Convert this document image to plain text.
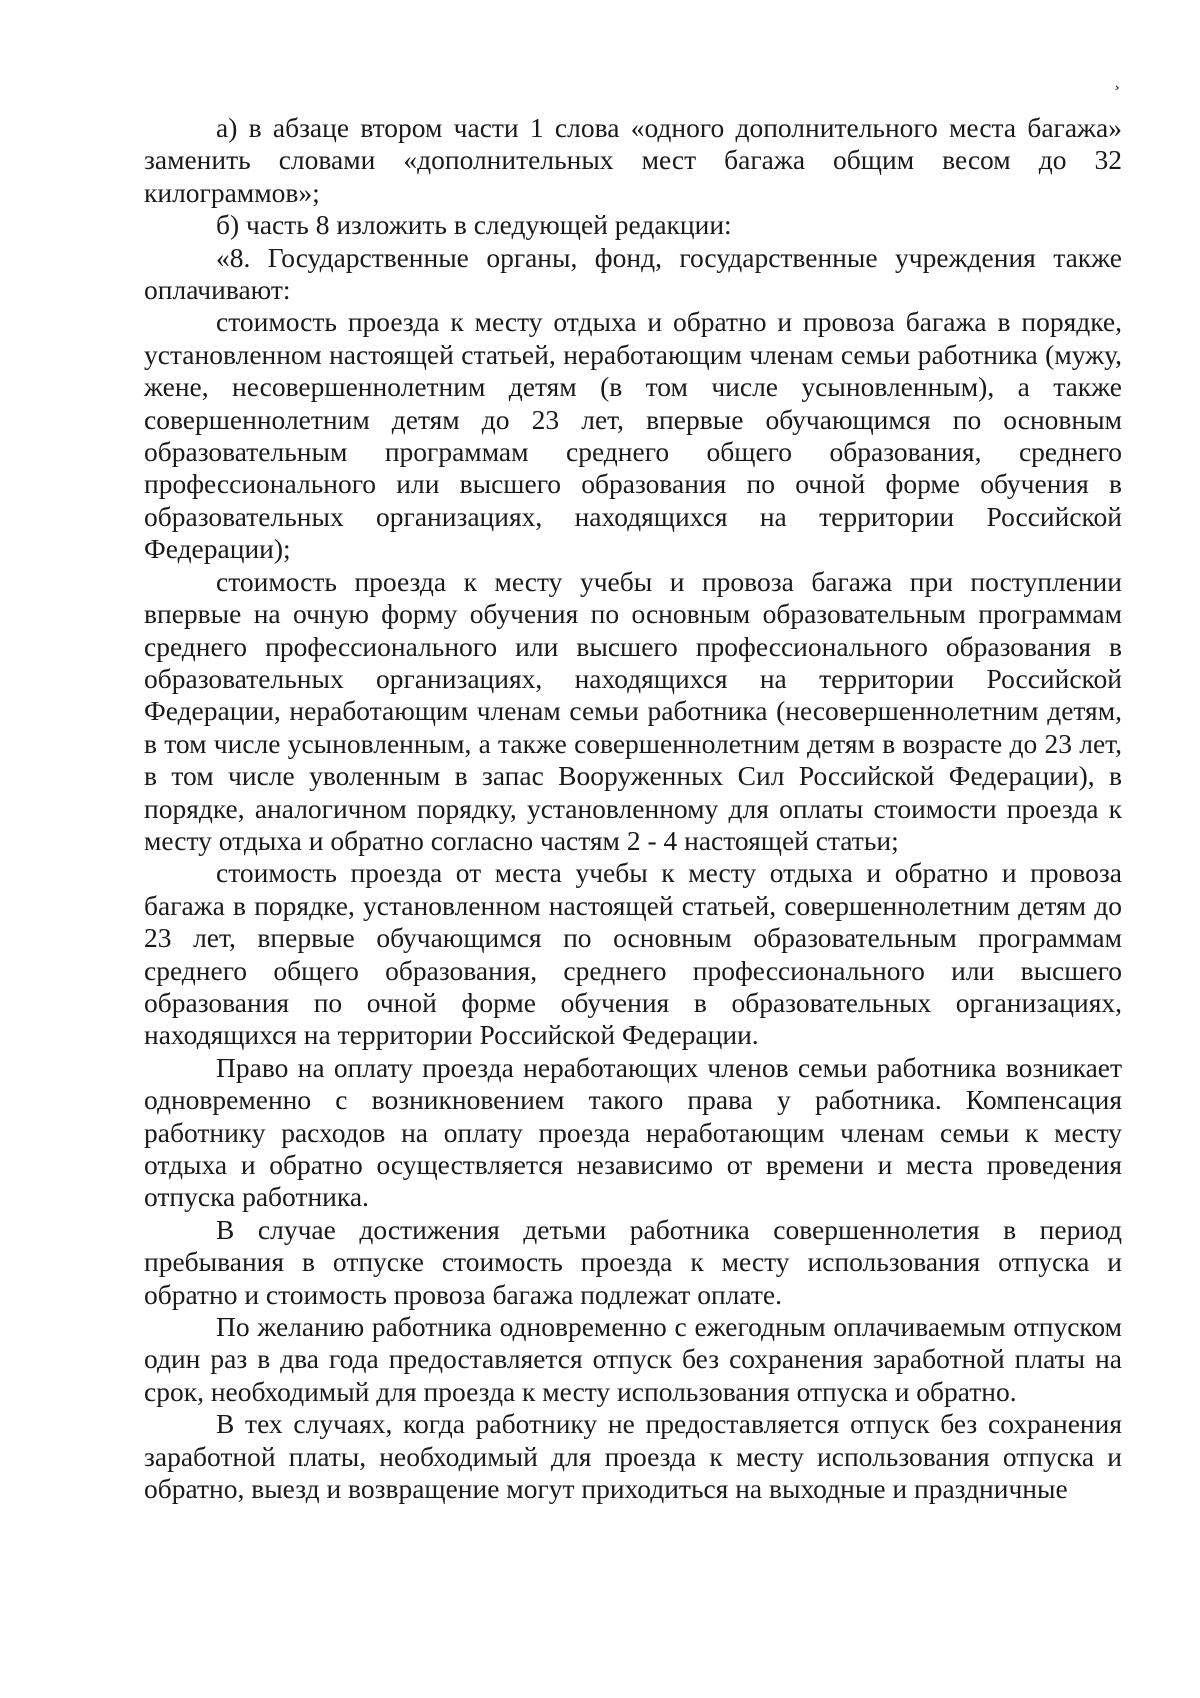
¸

а) в абзаце втором части 1 слова «одного дополнительного места багажа» заменить словами «дополнительных мест багажа общим весом до 32 килограммов»;

б) часть 8 изложить в следующей редакции:

«8. Государственные органы, фонд, государственные учреждения также оплачивают:

стоимость проезда к месту отдыха и обратно и провоза багажа в порядке, установленном настоящей статьей, неработающим членам семьи работника (мужу, жене, несовершеннолетним детям (в том числе усыновленным), а также совершеннолетним детям до 23 лет, впервые обучающимся по основным образовательным программам среднего общего образования, среднего профессионального или высшего образования по очной форме обучения в образовательных организациях, находящихся на территории Российской Федерации);

стоимость проезда к месту учебы и провоза багажа при поступлении впервые на очную форму обучения по основным образовательным программам среднего профессионального или высшего профессионального образования в образовательных организациях, находящихся на территории Российской Федерации, неработающим членам семьи работника (несовершеннолетним детям, в том числе усыновленным, а также совершеннолетним детям в возрасте до 23 лет, в том числе уволенным в запас Вооруженных Сил Российской Федерации), в порядке, аналогичном порядку, установленному для оплаты стоимости проезда к месту отдыха и обратно согласно частям 2 - 4 настоящей статьи;

стоимость проезда от места учебы к месту отдыха и обратно и провоза багажа в порядке, установленном настоящей статьей, совершеннолетним детям до 23 лет, впервые обучающимся по основным образовательным программам среднего общего образования, среднего профессионального или высшего образования по очной форме обучения в образовательных организациях, находящихся на территории Российской Федерации.

Право на оплату проезда неработающих членов семьи работника возникает одновременно с возникновением такого права у работника. Компенсация работнику расходов на оплату проезда неработающим членам семьи к месту отдыха и обратно осуществляется независимо от времени и места проведения отпуска работника.

В случае достижения детьми работника совершеннолетия в период пребывания в отпуске стоимость проезда к месту использования отпуска и обратно и стоимость провоза багажа подлежат оплате.

По желанию работника одновременно с ежегодным оплачиваемым отпуском один раз в два года предоставляется отпуск без сохранения заработной платы на срок, необходимый для проезда к месту использования отпуска и обратно.

В тех случаях, когда работнику не предоставляется отпуск без сохранения заработной платы, необходимый для проезда к месту использования отпуска и обратно, выезд и возвращение могут приходиться на выходные и праздничные
